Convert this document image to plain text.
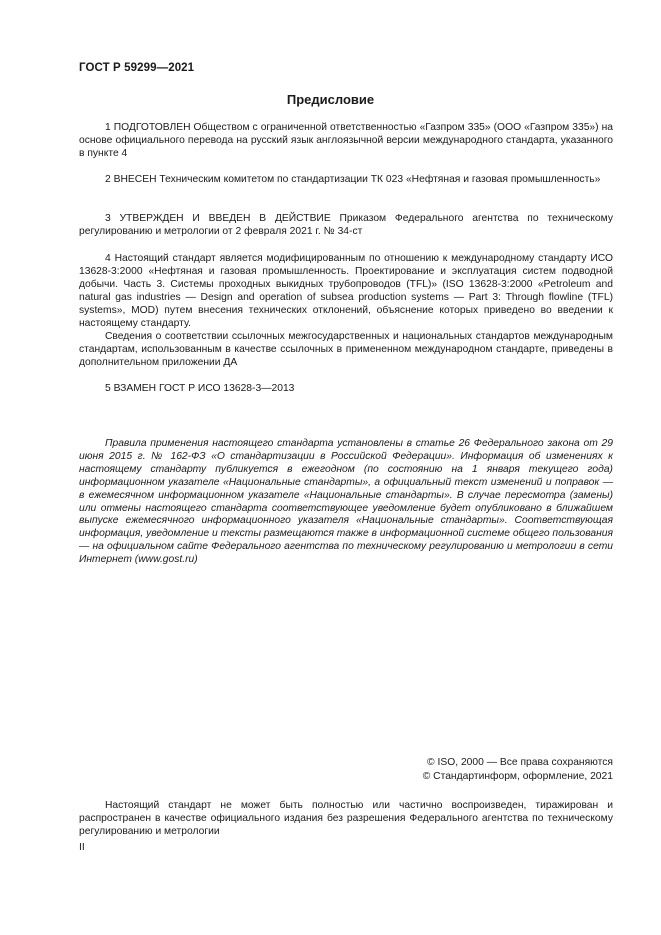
ГОСТ Р 59299—2021
Предисловие

1 ПОДГОТОВЛЕН Обществом с ограниченной ответственностью «Газпром 335» (ООО «Газпром 335») на основе официального перевода на русский язык англоязычной версии международного стандарта, указанного в пункте 4

2 ВНЕСЕН Техническим комитетом по стандартизации ТК 023 «Нефтяная и газовая промышленность»

3 УТВЕРЖДЕН И ВВЕДЕН В ДЕЙСТВИЕ Приказом Федерального агентства по техническому регулированию и метрологии от 2 февраля 2021 г. № 34-ст

4 Настоящий стандарт является модифицированным по отношению к международному стандарту ИСО 13628-3:2000 «Нефтяная и газовая промышленность. Проектирование и эксплуатация систем подводной добычи. Часть 3. Системы проходных выкидных трубопроводов (TFL)» (ISO 13628-3:2000 «Petroleum and natural gas industries — Design and operation of subsea production systems — Part 3: Through flowline (TFL) systems», MOD) путем внесения технических отклонений, объяснение которых приведено во введении к настоящему стандарту.

Сведения о соответствии ссылочных межгосударственных и национальных стандартов международным стандартам, использованным в качестве ссылочных в примененном международном стандарте, приведены в дополнительном приложении ДА

5 ВЗАМЕН ГОСТ Р ИСО 13628-3—2013

Правила применения настоящего стандарта установлены в статье 26 Федерального закона от 29 июня 2015 г. № 162-ФЗ «О стандартизации в Российской Федерации». Информация об изменениях к настоящему стандарту публикуется в ежегодном (по состоянию на 1 января текущего года) информационном указателе «Национальные стандарты», а официальный текст изменений и поправок — в ежемесячном информационном указателе «Национальные стандарты». В случае пересмотра (замены) или отмены настоящего стандарта соответствующее уведомление будет опубликовано в ближайшем выпуске ежемесячного информационного указателя «Национальные стандарты». Соответствующая информация, уведомление и тексты размещаются также в информационной системе общего пользования — на официальном сайте Федерального агентства по техническому регулированию и метрологии в сети Интернет (www.gost.ru)

© ISO, 2000 — Все права сохраняются
© Стандартинформ, оформление, 2021

Настоящий стандарт не может быть полностью или частично воспроизведен, тиражирован и распространен в качестве официального издания без разрешения Федерального агентства по техническому регулированию и метрологии

II
